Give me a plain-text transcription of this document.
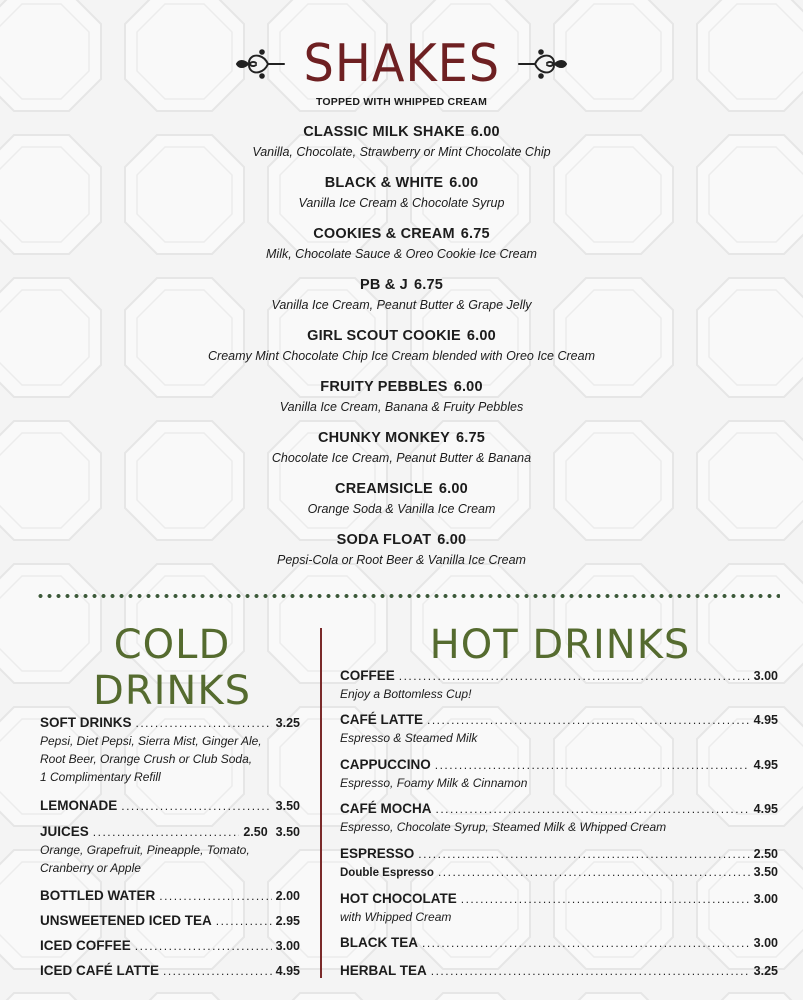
SHAKES
TOPPED WITH WHIPPED CREAM
CLASSIC MILK SHAKE 6.00
Vanilla, Chocolate, Strawberry or Mint Chocolate Chip
BLACK & WHITE 6.00
Vanilla Ice Cream & Chocolate Syrup
COOKIES & CREAM 6.75
Milk, Chocolate Sauce & Oreo Cookie Ice Cream
PB & J 6.75
Vanilla Ice Cream, Peanut Butter & Grape Jelly
GIRL SCOUT COOKIE 6.00
Creamy Mint Chocolate Chip Ice Cream blended with Oreo Ice Cream
FRUITY PEBBLES 6.00
Vanilla Ice Cream, Banana & Fruity Pebbles
CHUNKY MONKEY 6.75
Chocolate Ice Cream, Peanut Butter & Banana
CREAMSICLE 6.00
Orange Soda & Vanilla Ice Cream
SODA FLOAT 6.00
Pepsi-Cola or Root Beer & Vanilla Ice Cream
COLD
DRINKS
HOT DRINKS
SOFT DRINKS .....	3.25
Pepsi, Diet Pepsi, Sierra Mist, Ginger Ale,
Root Beer, Orange Crush or Club Soda,
1 Complimentary Refill
LEMONADE .....	3.50
JUICES .....	2.50 3.50
Orange, Grapefruit, Pineapple, Tomato,
Cranberry or Apple
BOTTLED WATER .....	2.00
UNSWEETENED ICED TEA .....	2.95
ICED COFFEE .....	3.00
ICED CAFÉ LATTE .....	4.95
COFFEE .....	3.00
Enjoy a Bottomless Cup!
CAFÉ LATTE .....	4.95
Espresso & Steamed Milk
CAPPUCCINO .....	4.95
Espresso, Foamy Milk & Cinnamon
CAFÉ MOCHA .....	4.95
Espresso, Chocolate Syrup, Steamed Milk & Whipped Cream
ESPRESSO .....	2.50
Double Espresso .....	3.50
HOT CHOCOLATE .....	3.00
with Whipped Cream
BLACK TEA .....	3.00
HERBAL TEA .....	3.25
